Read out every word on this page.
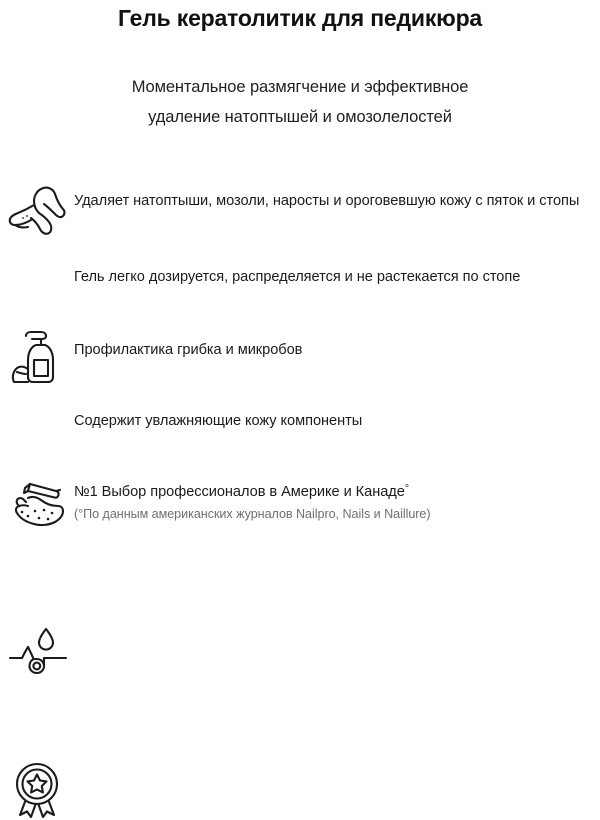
Гель кератолитик для педикюра

Моментальное размягчение и эффективное
удаление натоптышей и омозолелостей

Удаляет натоптыши, мозоли, наросты и ороговевшую кожу с пяток и стопы
Гель легко дозируется, распределяется и не растекается по стопе
Профилактика грибка и микробов
Содержит увлажняющие кожу компоненты
№1 Выбор профессионалов в Америке и Канаде°
(°По данным американских журналов Nailpro, Nails и Naillure)
